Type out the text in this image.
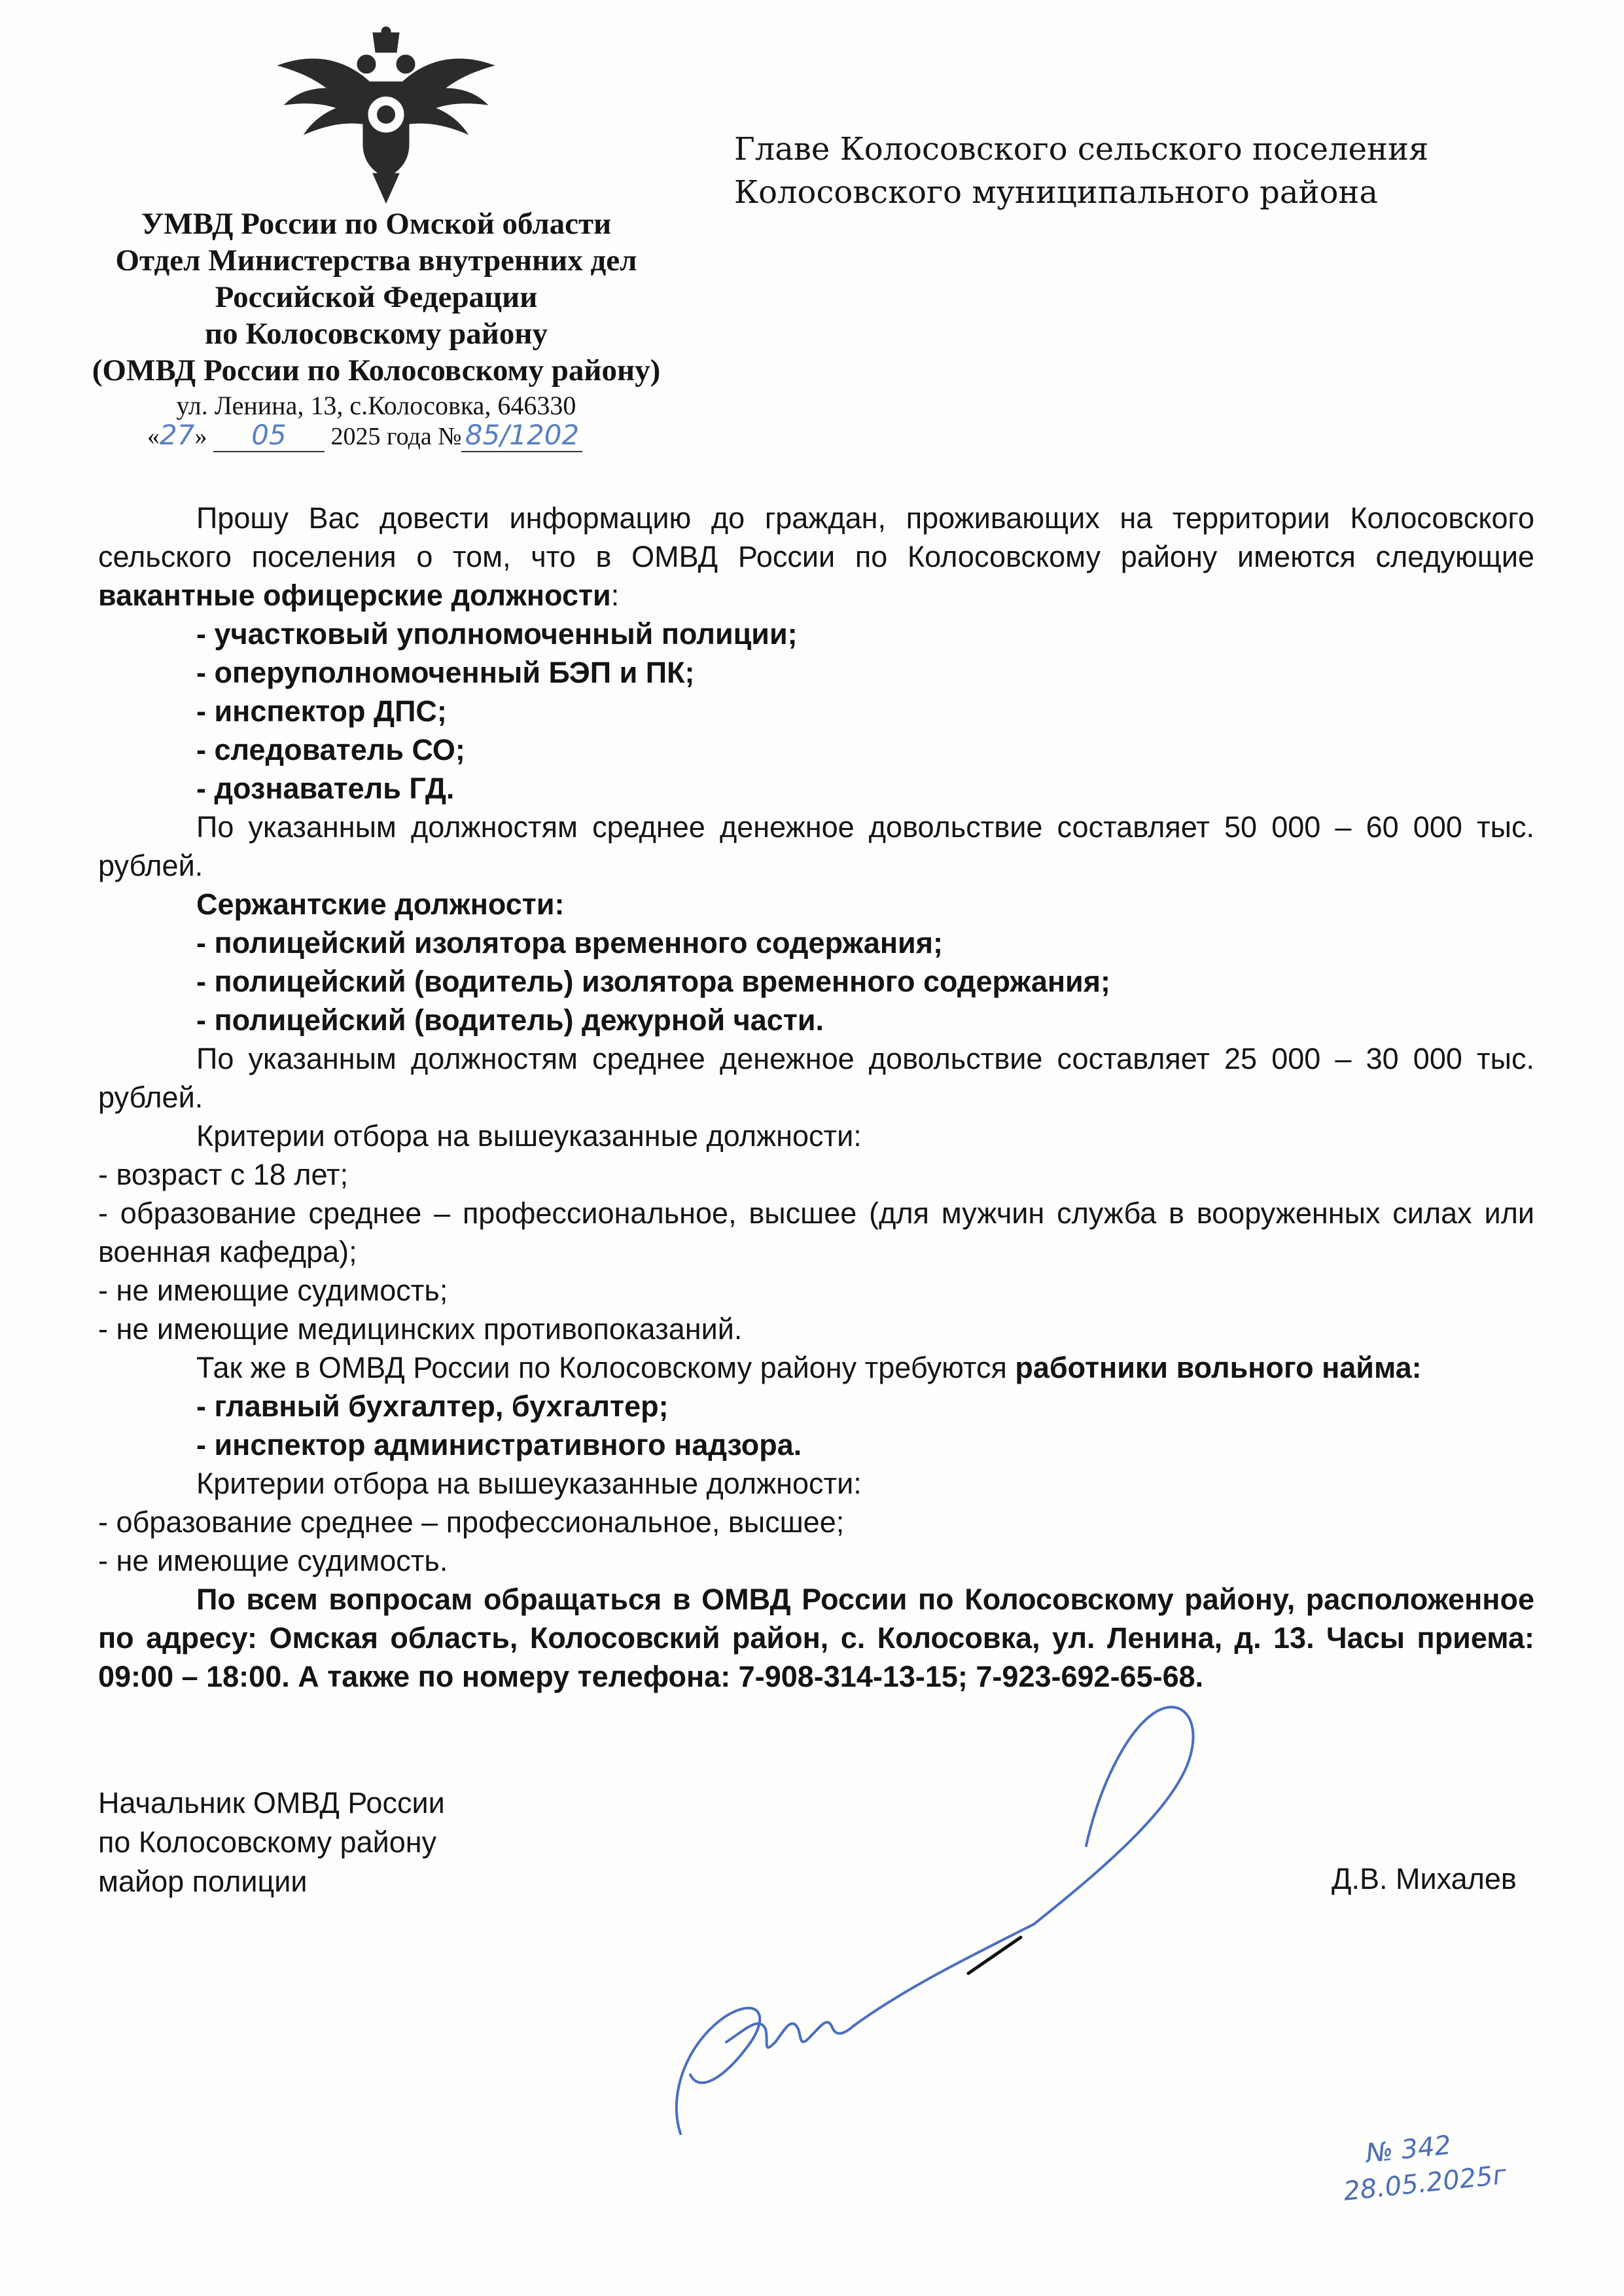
УМВД России по Омской области
Отдел Министерства внутренних дел
Российской Федерации
по Колосовскому району
(ОМВД России по Колосовскому району)
ул. Ленина, 13, с.Колосовка, 646330
«27» 05 2025 года № 85/1202
Главе Колосовского сельского поселения
Колосовского муниципального района
Прошу Вас довести информацию до граждан, проживающих на территории Колосовского сельского поселения о том, что в ОМВД России по Колосовскому району имеются следующие вакантные офицерские должности:
- участковый уполномоченный полиции;
- оперуполномоченный БЭП и ПК;
- инспектор ДПС;
- следователь СО;
- дознаватель ГД.
По указанным должностям среднее денежное довольствие составляет 50 000 – 60 000 тыс. рублей.
Сержантские должности:
- полицейский изолятора временного содержания;
- полицейский (водитель) изолятора временного содержания;
- полицейский (водитель) дежурной части.
По указанным должностям среднее денежное довольствие составляет 25 000 – 30 000 тыс. рублей.
Критерии отбора на вышеуказанные должности:
- возраст с 18 лет;
- образование среднее – профессиональное, высшее (для мужчин служба в вооруженных силах или военная кафедра);
- не имеющие судимость;
- не имеющие медицинских противопоказаний.
Так же в ОМВД России по Колосовскому району требуются работники вольного найма:
- главный бухгалтер, бухгалтер;
- инспектор административного надзора.
Критерии отбора на вышеуказанные должности:
- образование среднее – профессиональное, высшее;
- не имеющие судимость.
По всем вопросам обращаться в ОМВД России по Колосовскому району, расположенное по адресу: Омская область, Колосовский район, с. Колосовка, ул. Ленина, д. 13. Часы приема: 09:00 – 18:00. А также по номеру телефона: 7-908-314-13-15; 7-923-692-65-68.
Начальник ОМВД России
по Колосовскому району
майор полиции	Д.В. Михалев
№ 342
28.05.2025г
